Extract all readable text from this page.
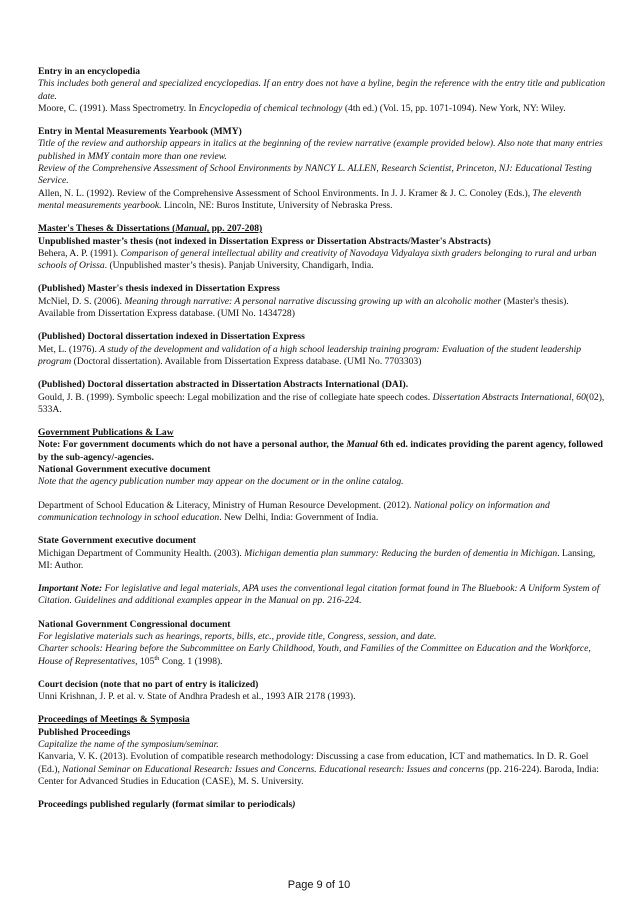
Entry in an encyclopedia
This includes both general and specialized encyclopedias. If an entry does not have a byline, begin the reference with the entry title and publication date.
Moore, C. (1991). Mass Spectrometry. In Encyclopedia of chemical technology (4th ed.) (Vol. 15, pp. 1071-1094). New York, NY: Wiley.
Entry in Mental Measurements Yearbook (MMY)
Title of the review and authorship appears in italics at the beginning of the review narrative (example provided below). Also note that many entries published in MMY contain more than one review.
Review of the Comprehensive Assessment of School Environments by NANCY L. ALLEN, Research Scientist, Princeton, NJ: Educational Testing Service.
Allen, N. L. (1992). Review of the Comprehensive Assessment of School Environments. In J. J. Kramer & J. C. Conoley (Eds.), The eleventh mental measurements yearbook. Lincoln, NE: Buros Institute, University of Nebraska Press.
Master's Theses & Dissertations (Manual, pp. 207-208)
Unpublished master’s thesis (not indexed in Dissertation Express or Dissertation Abstracts/Master's Abstracts)
Behera, A. P. (1991). Comparison of general intellectual ability and creativity of Navodaya Vidyalaya sixth graders belonging to rural and urban schools of Orissa. (Unpublished master’s thesis). Panjab University, Chandigarh, India.
(Published) Master's thesis indexed in Dissertation Express
McNiel, D. S. (2006). Meaning through narrative: A personal narrative discussing growing up with an alcoholic mother (Master's thesis). Available from Dissertation Express database. (UMI No. 1434728)
(Published) Doctoral dissertation indexed in Dissertation Express
Met, L. (1976). A study of the development and validation of a high school leadership training program: Evaluation of the student leadership program (Doctoral dissertation). Available from Dissertation Express database. (UMI No. 7703303)
(Published) Doctoral dissertation abstracted in Dissertation Abstracts International (DAI).
Gould, J. B. (1999). Symbolic speech: Legal mobilization and the rise of collegiate hate speech codes. Dissertation Abstracts International, 60(02), 533A.
Government Publications & Law
Note: For government documents which do not have a personal author, the Manual 6th ed. indicates providing the parent agency, followed by the sub-agency/-agencies.
National Government executive document
Note that the agency publication number may appear on the document or in the online catalog.
Department of School Education & Literacy, Ministry of Human Resource Development. (2012). National policy on information and communication technology in school education. New Delhi, India: Government of India.
State Government executive document
Michigan Department of Community Health. (2003). Michigan dementia plan summary: Reducing the burden of dementia in Michigan. Lansing, MI: Author.
Important Note: For legislative and legal materials, APA uses the conventional legal citation format found in The Bluebook: A Uniform System of Citation. Guidelines and additional examples appear in the Manual on pp. 216-224.
National Government Congressional document
For legislative materials such as hearings, reports, bills, etc., provide title, Congress, session, and date.
Charter schools: Hearing before the Subcommittee on Early Childhood, Youth, and Families of the Committee on Education and the Workforce, House of Representatives, 105th Cong. 1 (1998).
Court decision (note that no part of entry is italicized)
Unni Krishnan, J. P. et al. v. State of Andhra Pradesh et al., 1993 AIR 2178 (1993).
Proceedings of Meetings & Symposia
Published Proceedings
Capitalize the name of the symposium/seminar.
Kanvaria, V. K. (2013). Evolution of compatible research methodology: Discussing a case from education, ICT and mathematics. In D. R. Goel (Ed.), National Seminar on Educational Research: Issues and Concerns. Educational research: Issues and concerns (pp. 216-224). Baroda, India: Center for Advanced Studies in Education (CASE), M. S. University.
Proceedings published regularly (format similar to periodicals)
Page 9 of 10
